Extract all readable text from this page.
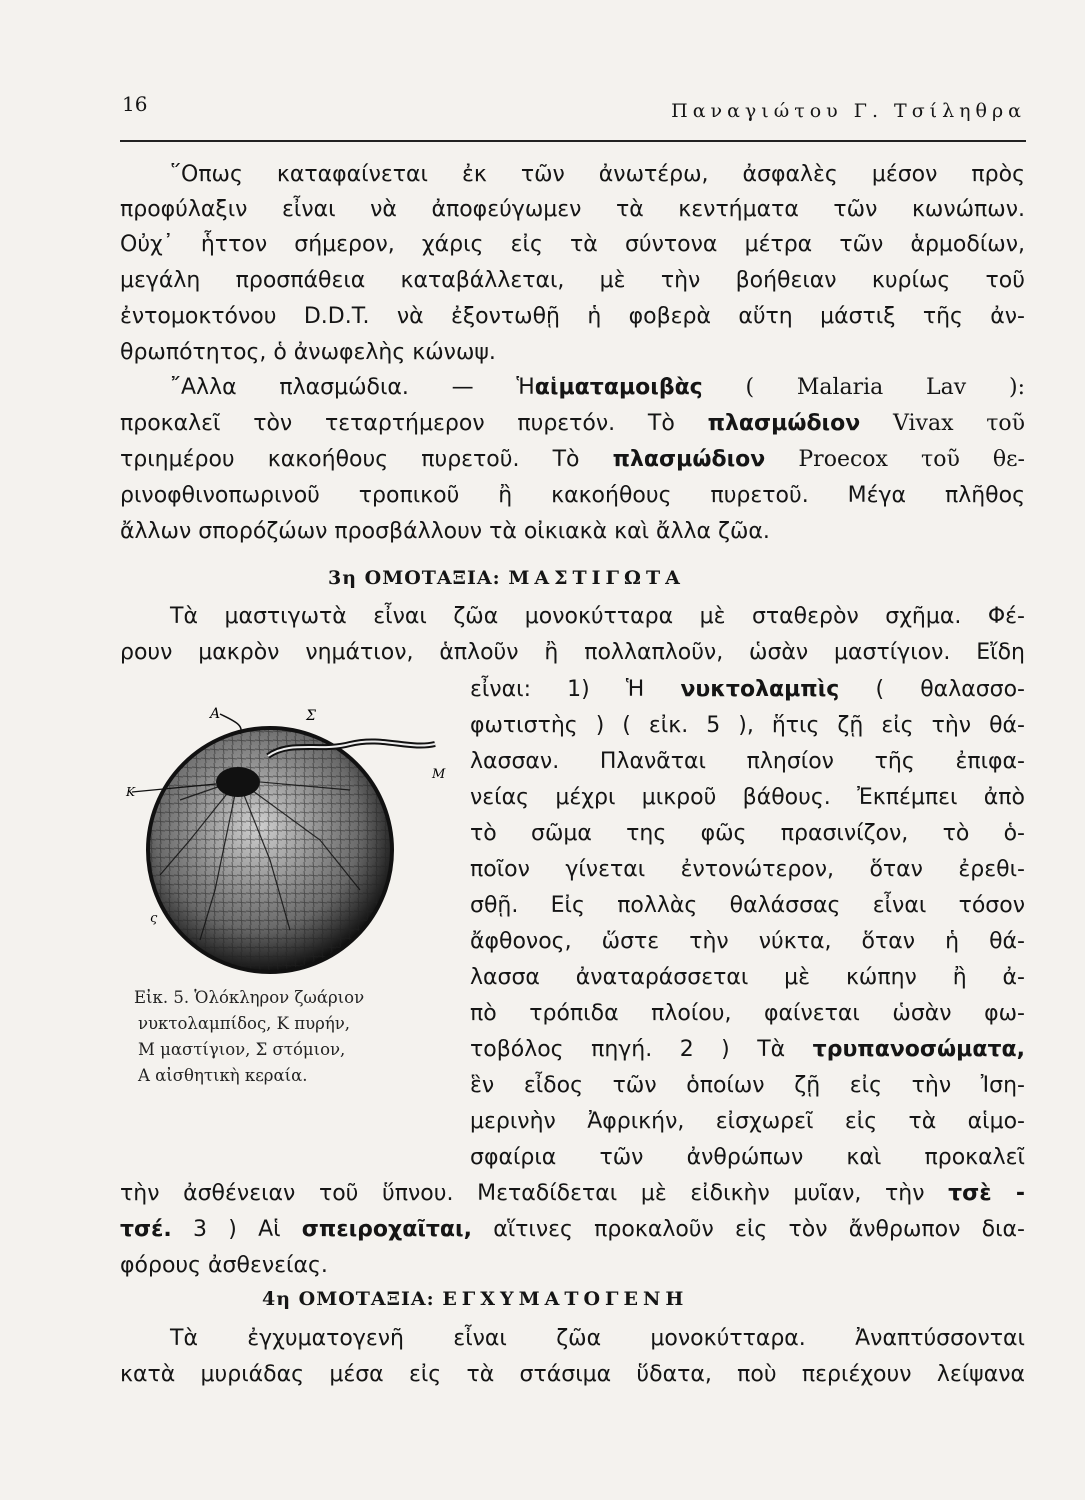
16	Παναγιώτου Γ. Τσίληθρα
῞Οπως καταφαίνεται ἐκ τῶν ἀνωτέρω, ἀσφαλὲς μέσον πρὸς
προφύλαξιν εἶναι νὰ ἀποφεύγωμεν τὰ κεντήματα τῶν κωνώπων.
Οὐχ᾽ ἧττον σήμερον, χάρις εἰς τὰ σύντονα μέτρα τῶν ἁρμοδίων,
μεγάλη προσπάθεια καταβάλλεται, μὲ τὴν βοήθειαν κυρίως τοῦ
ἐντομοκτόνου D.D.T. νὰ ἐξοντωθῇ ἡ φοβερὰ αὕτη μάστιξ τῆς ἀν-
θρωπότητος, ὁ ἀνωφελὴς κώνωψ.
῎Αλλα πλασμώδια. — Ἡαἱματαμοιβὰς ( Malaria Lav ):
προκαλεῖ τὸν τεταρτήμερον πυρετόν. Τὸ πλασμώδιον Vivax τοῦ
τριημέρου κακοήθους πυρετοῦ. Τὸ πλασμώδιον Proecox τοῦ θε-
ρινοφθινοπωρινοῦ τροπικοῦ ἢ κακοήθους πυρετοῦ. Μέγα πλῆθος
ἄλλων σπορόζώων προσβάλλουν τὰ οἰκιακὰ καὶ ἄλλα ζῶα.
3η ΟΜΟΤΑΞΙΑ: ΜΑΣΤΙΓΩΤΑ
Τὰ μαστιγωτὰ εἶναι ζῶα μονοκύτταρα μὲ σταθερὸν σχῆμα. Φέ-
ρουν μακρὸν νημάτιον, ἁπλοῦν ἢ πολλαπλοῦν, ὡσὰν μαστίγιον. Εἴδη
εἶναι: 1) Ἡ νυκτολαμπὶς ( θαλασσο-
φωτιστὴς ) ( εἰκ. 5 ), ἥτις ζῇ εἰς τὴν θά-
λασσαν. Πλανᾶται πλησίον τῆς ἐπιφα-
νείας μέχρι μικροῦ βάθους. Ἐκπέμπει ἀπὸ
τὸ σῶμα της φῶς πρασινίζον, τὸ ὁ-
ποῖον γίνεται ἐντονώτερον, ὅταν ἐρεθι-
σθῇ. Εἰς πολλὰς θαλάσσας εἶναι τόσον
ἄφθονος, ὥστε τὴν νύκτα, ὅταν ἡ θά-
λασσα ἀναταράσσεται μὲ κώπην ἢ ἀ-
πὸ τρόπιδα πλοίου, φαίνεται ὡσὰν φω-
τοβόλος πηγή. 2 ) Τὰ τρυπανοσώματα,
ἓν εἶδος τῶν ὁποίων ζῇ εἰς τὴν Ἰση-
μερινὴν Ἀφρικήν, εἰσχωρεῖ εἰς τὰ αἱμο-
σφαίρια τῶν ἀνθρώπων καὶ προκαλεῖ
τὴν ἀσθένειαν τοῦ ὕπνου. Μεταδίδεται μὲ εἰδικὴν μυῖαν, τὴν τσὲ -
τσέ. 3 ) Αἱ σπειροχαῖται, αἵτινες προκαλοῦν εἰς τὸν ἄνθρωπον δια-
φόρους ἀσθενείας.
Α	Σ
Μ
Κ
ς
Εἰκ. 5. Ὁλόκληρον ζωάριον
νυκτολαμπίδος, Κ πυρήν,
Μ μαστίγιον, Σ στόμιον,
Α αἰσθητικὴ κεραία.
4η ΟΜΟΤΑΞΙΑ: ΕΓΧΥΜΑΤΟΓΕΝΗ
Τὰ ἐγχυματογενῆ εἶναι ζῶα μονοκύτταρα. Ἀναπτύσσονται
κατὰ μυριάδας μέσα εἰς τὰ στάσιμα ὕδατα, ποὺ περιέχουν λείψανα
